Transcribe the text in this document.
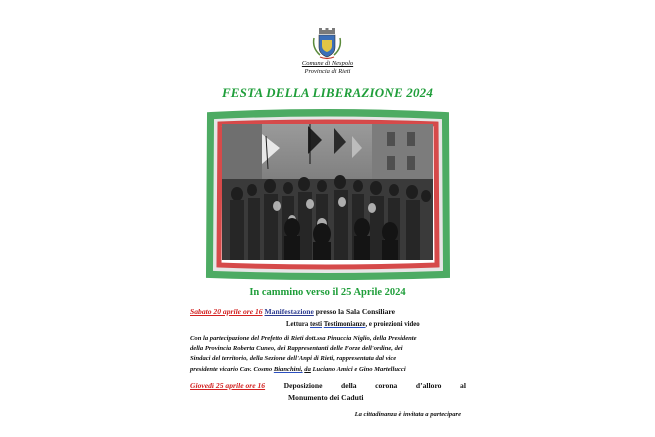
Comune di Nespolo
Provincia di Rieti
FESTA DELLA LIBERAZIONE 2024
In cammino verso il 25 Aprile 2024
Sabato 20 aprile ore 16 Manifestazione presso la Sala Consiliare
Lettura testi Testimonianze, e proiezioni video
Con la partecipazione del Prefetto di Rieti dott.ssa Pinuccia Niglio, della Presidente
della Provincia Roberta Cuneo, dei Rappresentanti delle Forze dell'ordine, dei
Sindaci del territorio, della Sezione dell'Anpi di Rieti, rappresentata dal vice
presidente vicario Cav. Cosmo Bianchini, da Luciano Amici e Gino Martellucci
Giovedì 25 aprile ore 16 Deposizione della corona d’alloro al
Monumento dei Caduti
La cittadinanza è invitata a partecipare
